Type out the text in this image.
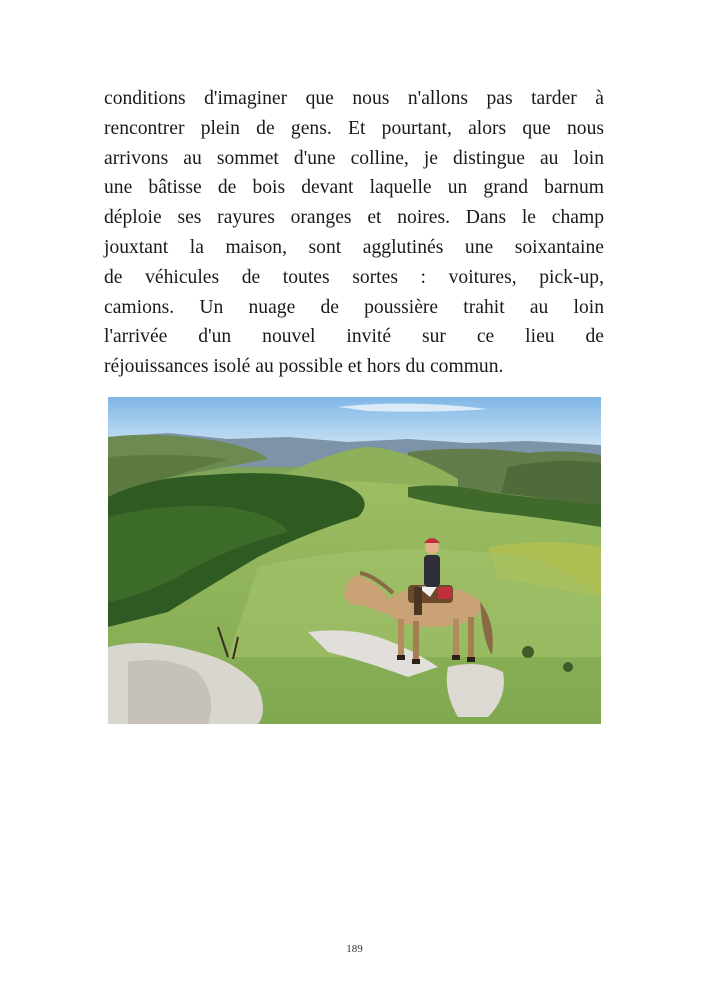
conditions d'imaginer que nous n'allons pas tarder à
rencontrer plein de gens. Et pourtant, alors que nous
arrivons au sommet d'une colline, je distingue au loin
une bâtisse de bois devant laquelle un grand barnum
déploie ses rayures oranges et noires. Dans le champ
jouxtant la maison, sont agglutinés une soixantaine
de véhicules de toutes sortes : voitures, pick-up,
camions. Un nuage de poussière trahit au loin
l'arrivée d'un nouvel invité sur ce lieu de
réjouissances isolé au possible et hors du commun.
189
